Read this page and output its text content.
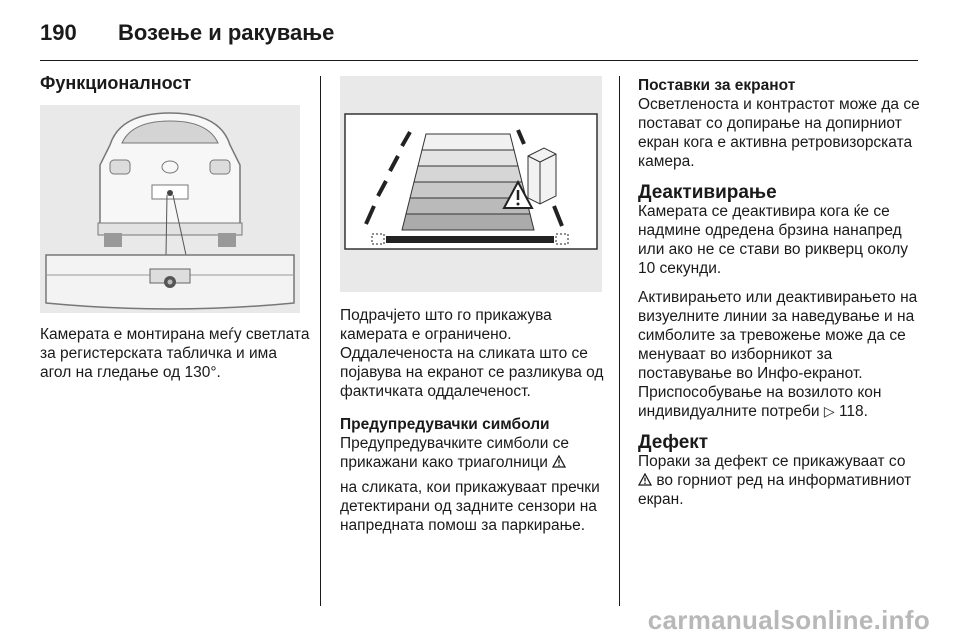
190 Возење и ракување
Функционалност

Камерата е монтирана меѓу светлата за регистерската табличка и има агол на гледање од 130°.

Подрачјето што го прикажува камерата е ограничено. Оддалеченоста на сликата што се појавува на екранот се разликува од фактичката оддалеченост.

Предупредувачки симболи

Предупредувачките симболи се прикажани како триаголници

на сликата, кои прикажуваат пречки детектирани од задните сензори на напредната помош за паркирање.

Поставки за екранот

Осветленоста и контрастот може да се постават со допирање на допирниот екран кога е активна ретровизорската камера.

Деактивирање

Камерата се деактивира кога ќе се надмине одредена брзина нанапред или ако не се стави во рикверц околу 10 секунди.

Активирањето или деактивирањето на визуелните линии за наведување и на симболите за тревожење може да се менуваат во изборникот за поставување во Инфо-екранот. Приспособување на возилото кон индивидуалните потреби ▷ 118.

Дефект

Пораки за дефект се прикажуваат со  во горниот ред на информативниот екран.

carmanualsonline.info
